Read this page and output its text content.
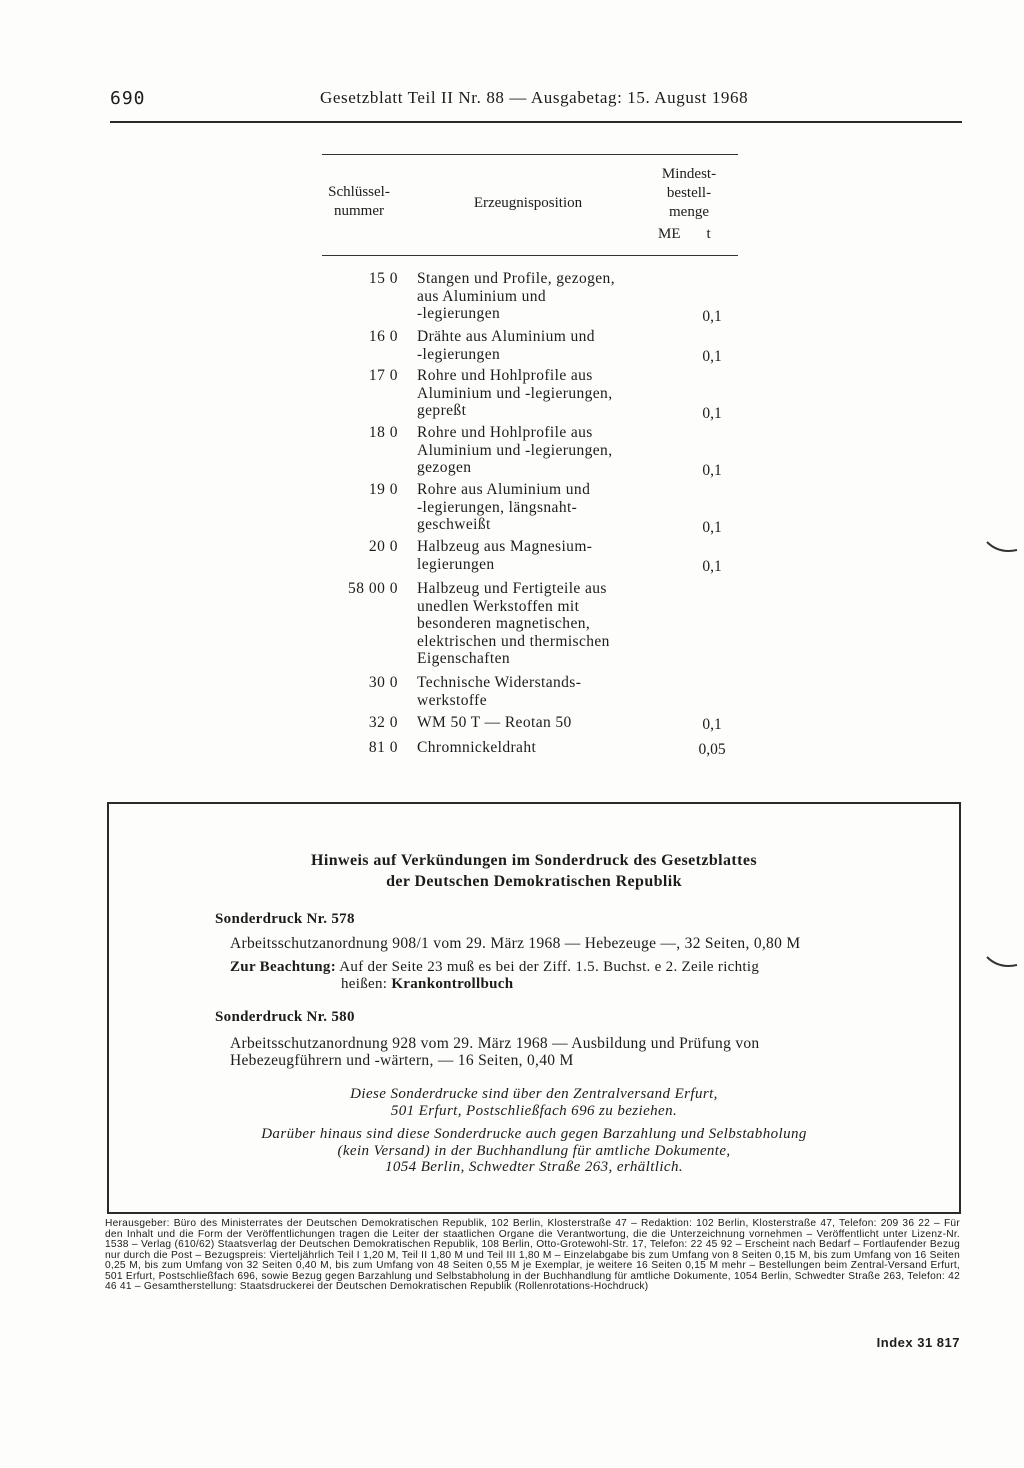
690	Gesetzblatt Teil II Nr. 88 — Ausgabetag: 15. August 1968
Schlüssel-
nummer	Erzeugnisposition
Mindest-
bestell-
menge
ME t
15 0 Stangen und Profile, gezogen,
aus Aluminium und
-legierungen	0,1
16 0 Drähte aus Aluminium und
-legierungen	0,1
17 0 Rohre und Hohlprofile aus
Aluminium und -legierungen,
gepreßt	0,1
18 0 Rohre und Hohlprofile aus
Aluminium und -legierungen,
gezogen	0,1
19 0 Rohre aus Aluminium und
-legierungen, längsnaht-
geschweißt	0,1
20 0 Halbzeug aus Magnesium-
legierungen	0,1
58 00 0 Halbzeug und Fertigteile aus
unedlen Werkstoffen mit
besonderen magnetischen,
elektrischen und thermischen
Eigenschaften
30 0 Technische Widerstands-
werkstoffe
32 0 WM 50 T — Reotan 50	0,1
81 0 Chromnickeldraht	0,05
Hinweis auf Verkündungen im Sonderdruck des Gesetzblattes
der Deutschen Demokratischen Republik
Sonderdruck Nr. 578
Arbeitsschutzanordnung 908/1 vom 29. März 1968 — Hebezeuge —, 32 Seiten, 0,80 M
Zur Beachtung: Auf der Seite 23 muß es bei der Ziff. 1.5. Buchst. e 2. Zeile richtig
heißen: Krankontrollbuch
Sonderdruck Nr. 580
Arbeitsschutzanordnung 928 vom 29. März 1968 — Ausbildung und Prüfung von
Hebezeugführern und -wärtern, — 16 Seiten, 0,40 M
Diese Sonderdrucke sind über den Zentralversand Erfurt,
501 Erfurt, Postschließfach 696 zu beziehen.
Darüber hinaus sind diese Sonderdrucke auch gegen Barzahlung und Selbstabholung
(kein Versand) in der Buchhandlung für amtliche Dokumente,
1054 Berlin, Schwedter Straße 263, erhältlich.
Herausgeber: Büro des Ministerrates der Deutschen Demokratischen Republik, 102 Berlin, Klosterstraße 47 – Redaktion: 102 Berlin, Klosterstraße 47, Telefon: 209 36 22 – Für den Inhalt und die Form der Veröffentlichungen tragen die Leiter der staatlichen Organe die Verantwortung, die die Unterzeichnung vornehmen – Veröffentlicht unter Lizenz-Nr. 1538 – Verlag (610/62) Staatsverlag der Deutschen Demokratischen Republik, 108 Berlin, Otto-Grotewohl-Str. 17, Telefon: 22 45 92 – Erscheint nach Bedarf – Fortlaufender Bezug nur durch die Post – Bezugspreis: Vierteljährlich Teil I 1,20 M, Teil II 1,80 M und Teil III 1,80 M – Einzelabgabe bis zum Umfang von 8 Seiten 0,15 M, bis zum Umfang von 16 Seiten 0,25 M, bis zum Umfang von 32 Seiten 0,40 M, bis zum Umfang von 48 Seiten 0,55 M je Exemplar, je weitere 16 Seiten 0,15 M mehr – Bestellungen beim Zentral-Versand Erfurt, 501 Erfurt, Postschließfach 696, sowie Bezug gegen Barzahlung und Selbstabholung in der Buchhandlung für amtliche Dokumente, 1054 Berlin, Schwedter Straße 263, Telefon: 42 46 41 – Gesamtherstellung: Staatsdruckerei der Deutschen Demokratischen Republik (Rollenrotations-Hochdruck)
Index 31 817
